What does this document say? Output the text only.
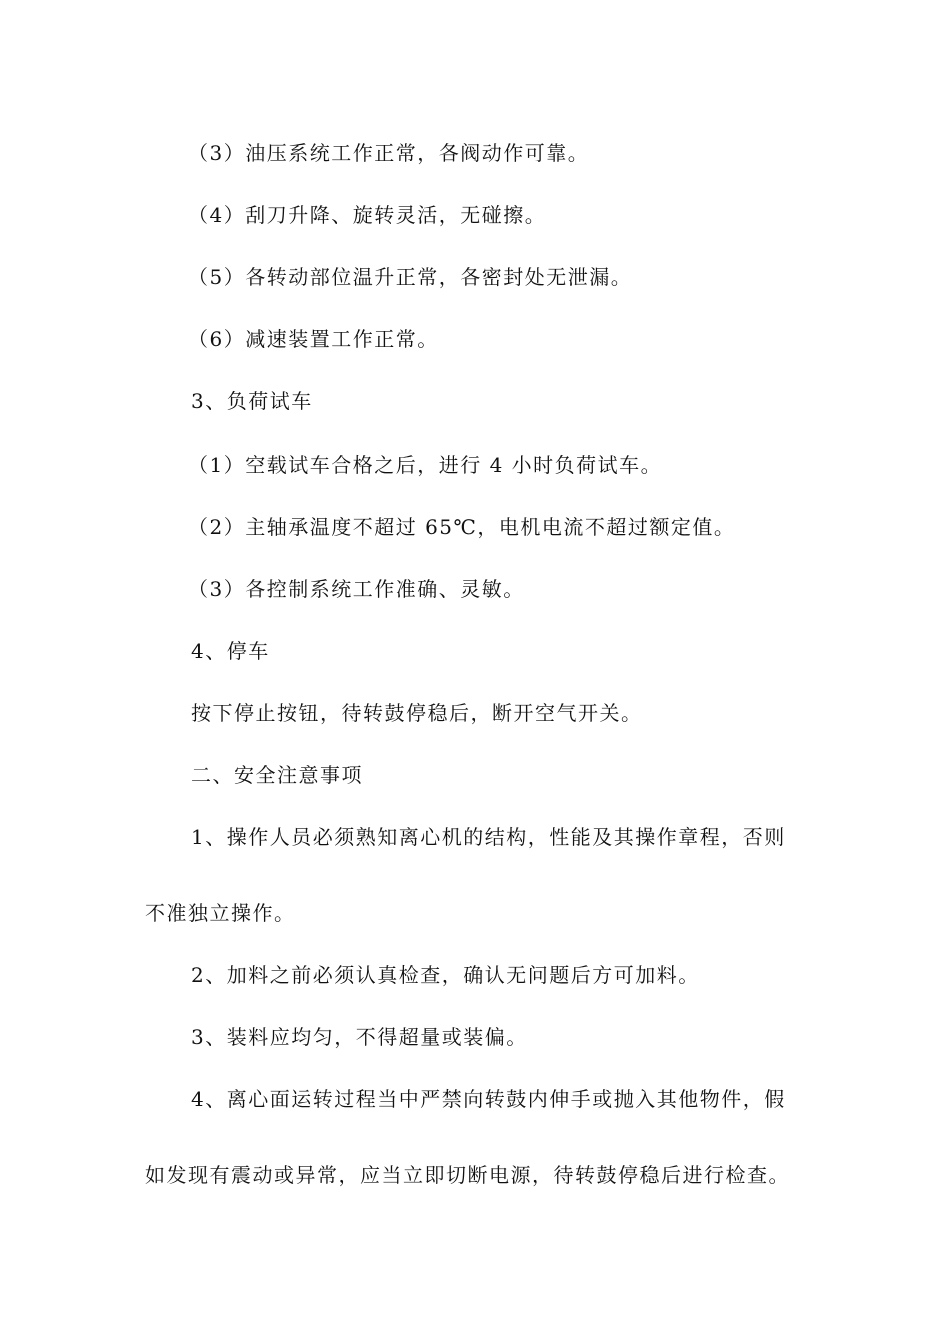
（3）油压系统工作正常，各阀动作可靠。
（4）刮刀升降、旋转灵活，无碰擦。
（5）各转动部位温升正常，各密封处无泄漏。
（6）减速装置工作正常。
3、负荷试车
（1）空载试车合格之后，进行 4 小时负荷试车。
（2）主轴承温度不超过 65℃，电机电流不超过额定值。
（3）各控制系统工作准确、灵敏。
4、停车
按下停止按钮，待转鼓停稳后，断开空气开关。
二、安全注意事项
1、操作人员必须熟知离心机的结构，性能及其操作章程，否则
不准独立操作。
2、加料之前必须认真检查，确认无问题后方可加料。
3、装料应均匀，不得超量或装偏。
4、离心面运转过程当中严禁向转鼓内伸手或抛入其他物件，假
如发现有震动或异常，应当立即切断电源，待转鼓停稳后进行检查。
